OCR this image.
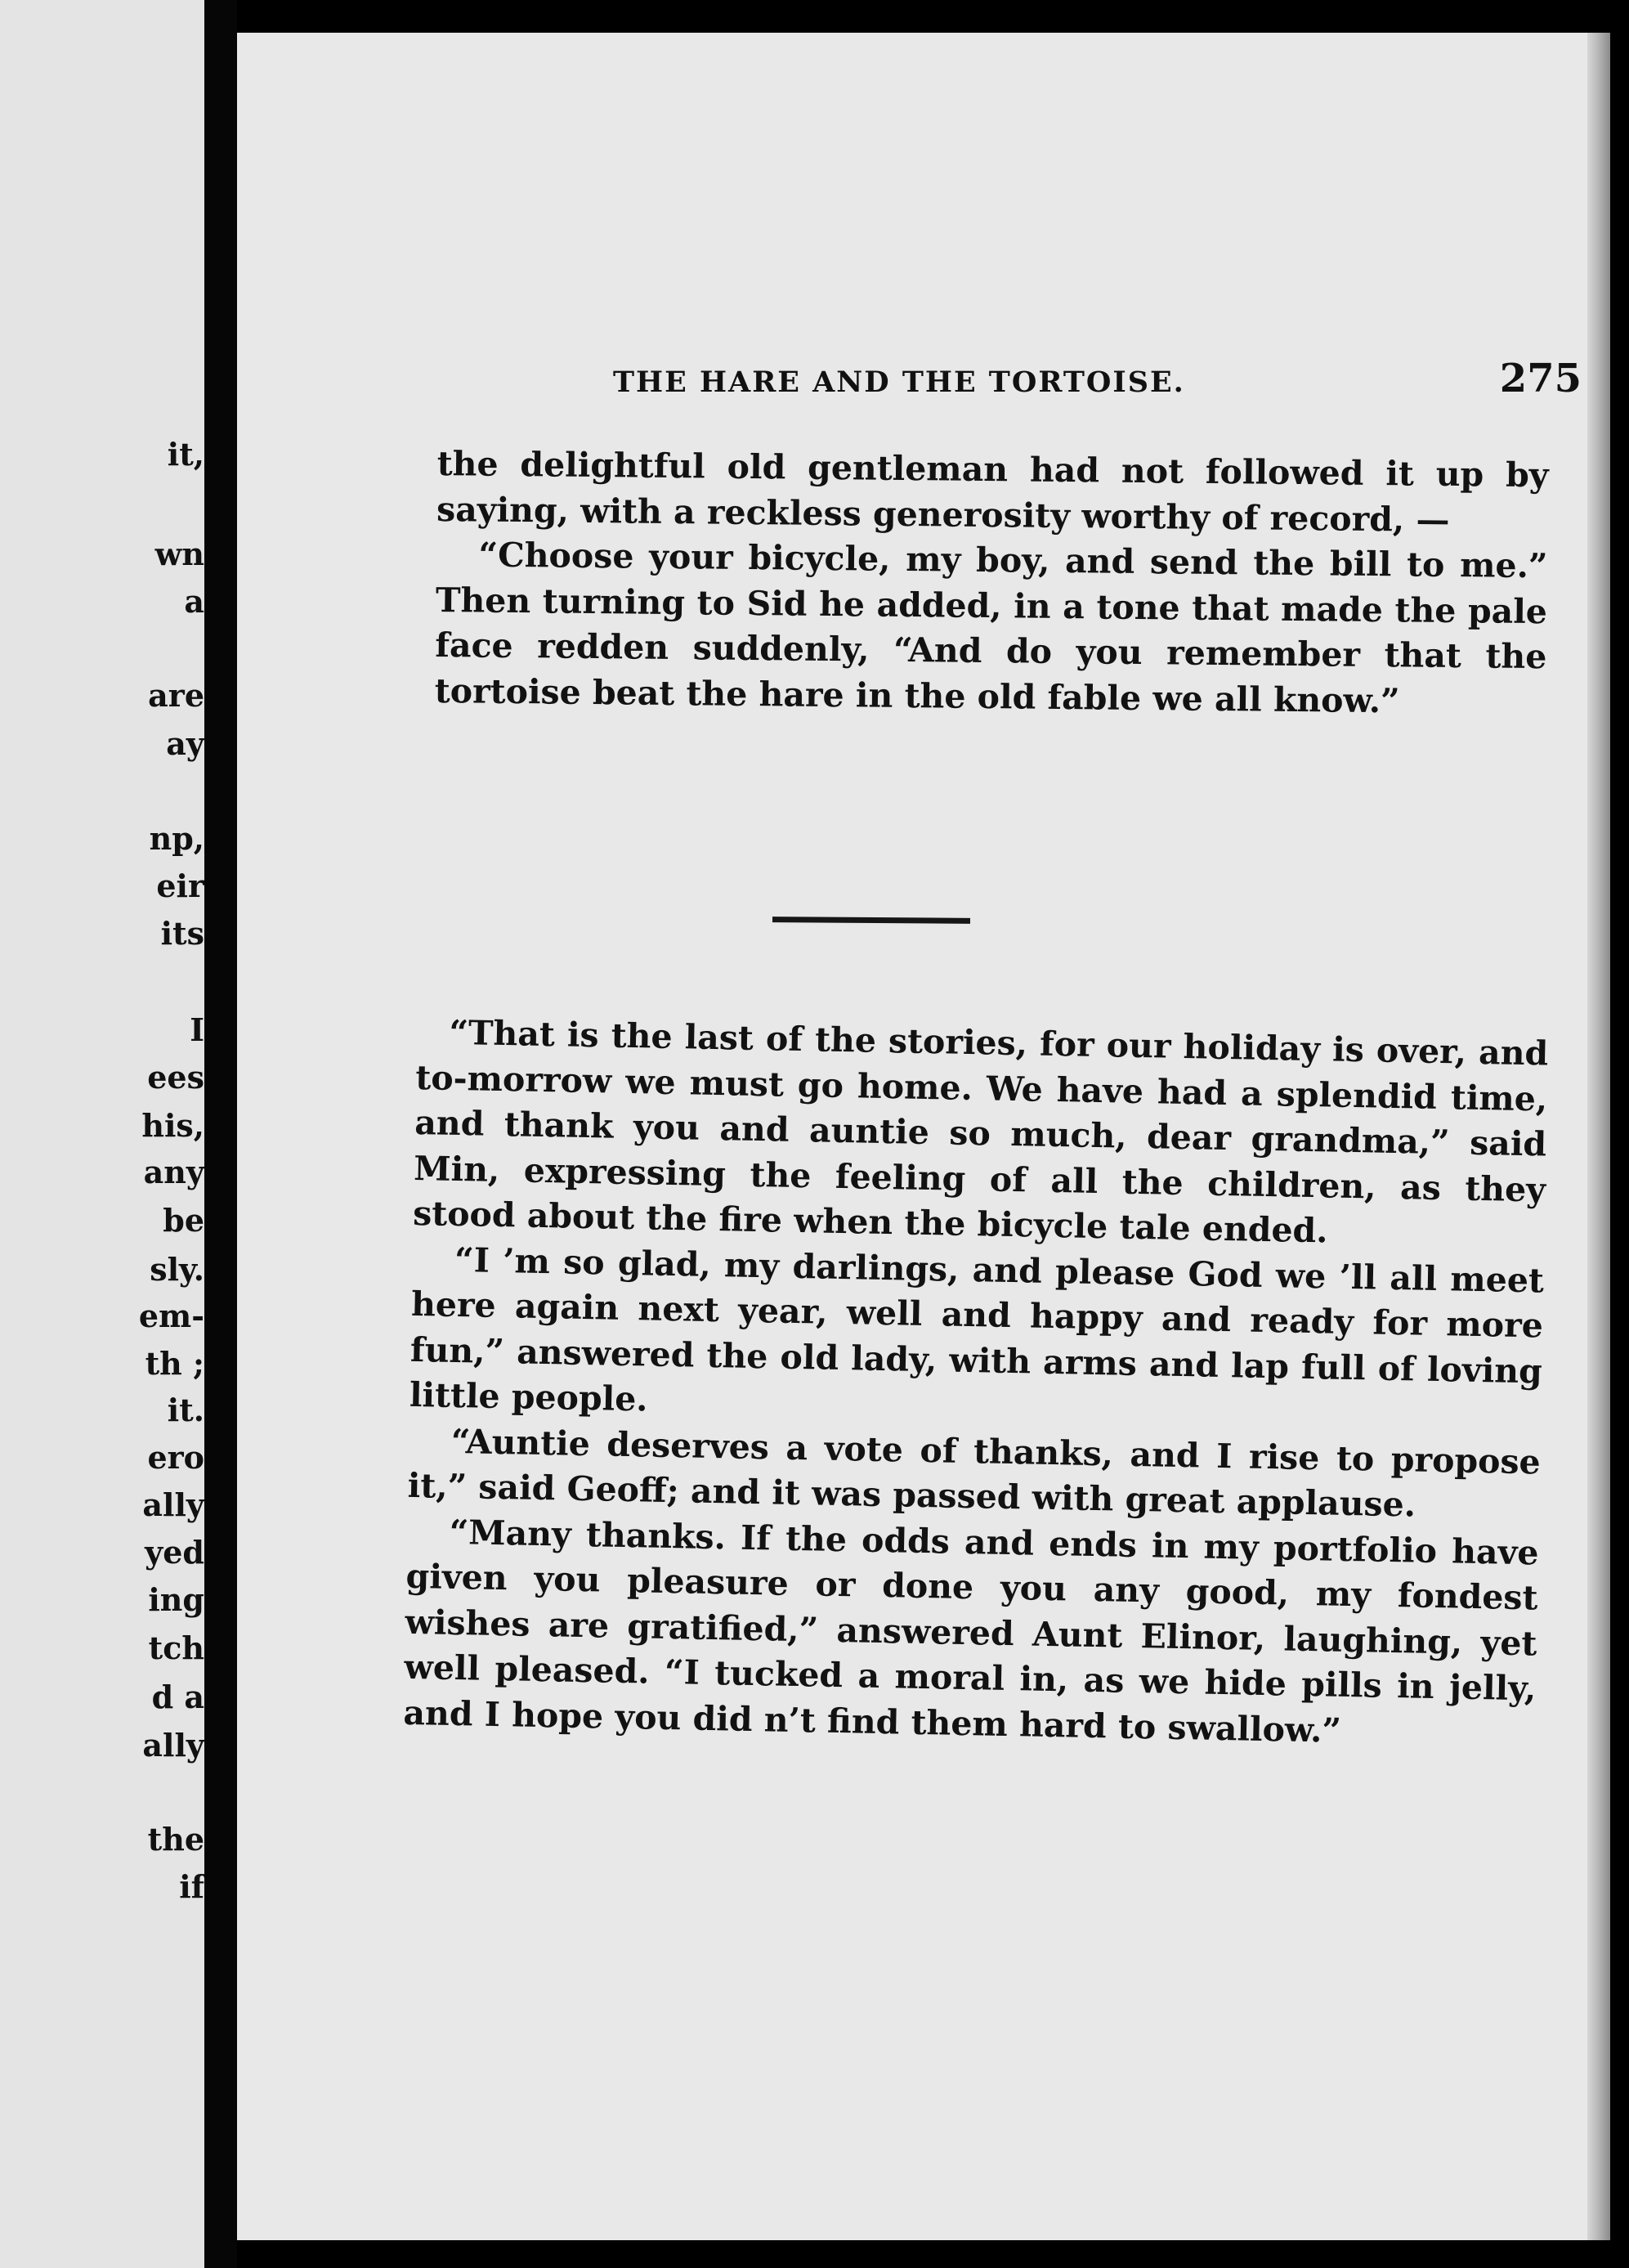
it,

wn

a

are

ay

np,

eir

its

I

ees

his,

any

be

sly.

em-

th ;

it.

ero

ally

yed

ing

tch

d a

ally

the

if

THE HARE AND THE TORTOISE.	275

the delightful old gentleman had not followed it up by saying, with a reckless generosity worthy of record, —

“Choose your bicycle, my boy, and send the bill to me.” Then turning to Sid he added, in a tone that made the pale face redden suddenly, “And do you remember that the tortoise beat the hare in the old fable we all know.”

“That is the last of the stories, for our holiday is over, and to-morrow we must go home. We have had a splendid time, and thank you and auntie so much, dear grandma,” said Min, expressing the feeling of all the children, as they stood about the fire when the bicycle tale ended.

“I ’m so glad, my darlings, and please God we ’ll all meet here again next year, well and happy and ready for more fun,” answered the old lady, with arms and lap full of loving little people.

“Auntie deserves a vote of thanks, and I rise to propose it,” said Geoff; and it was passed with great applause.

“Many thanks. If the odds and ends in my portfolio have given you pleasure or done you any good, my fondest wishes are gratified,” answered Aunt Elinor, laughing, yet well pleased. “I tucked a moral in, as we hide pills in jelly, and I hope you did n’t find them hard to swallow.”
